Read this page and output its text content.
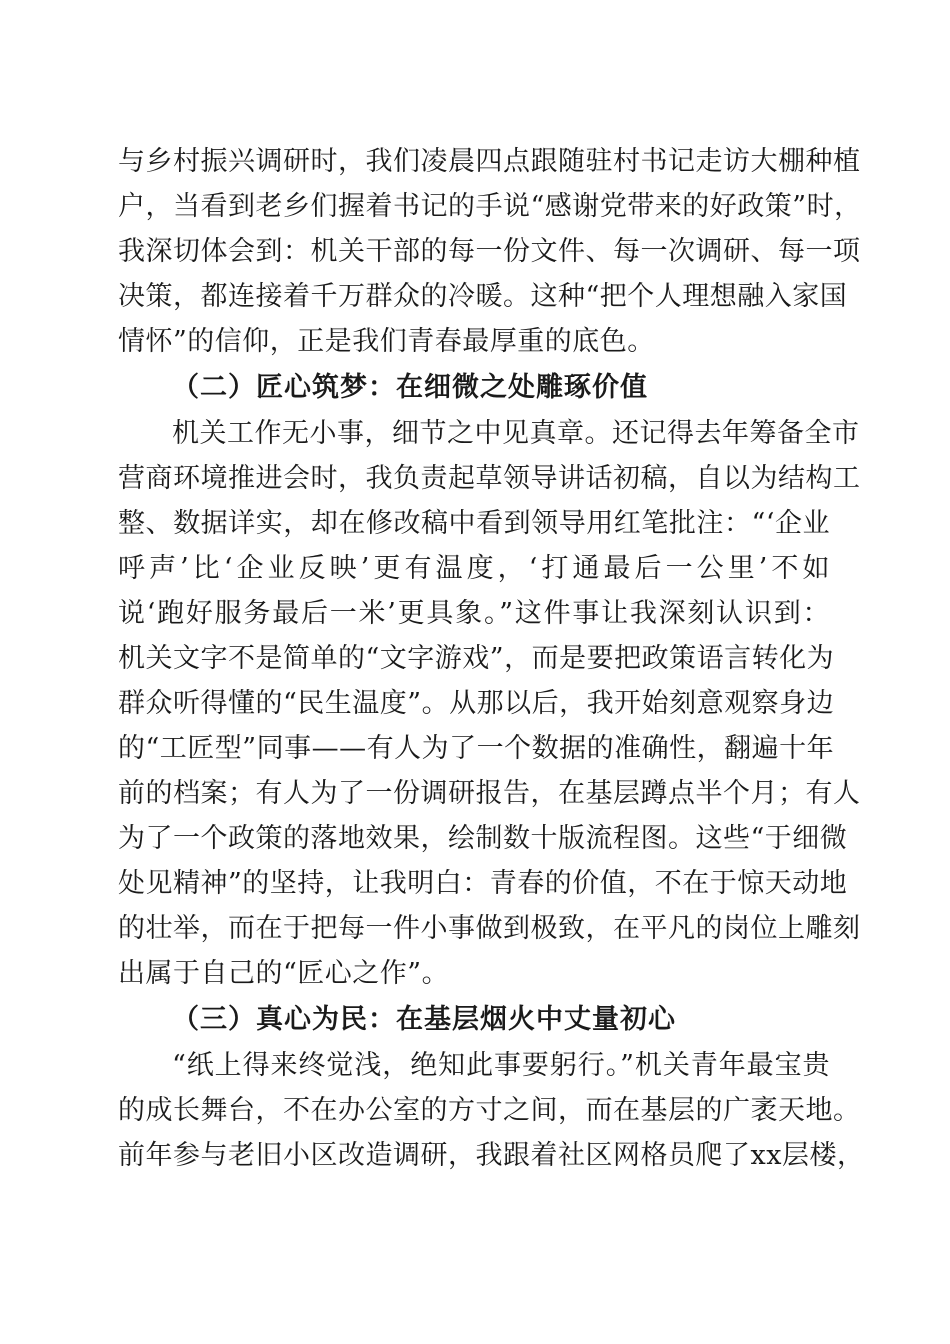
与乡村振兴调研时，我们凌晨四点跟随驻村书记走访大棚种植
户，当看到老乡们握着书记的手说“感谢党带来的好政策”时，
我深切体会到：机关干部的每一份文件、每一次调研、每一项
决策，都连接着千万群众的冷暖。这种“把个人理想融入家国
情怀”的信仰，正是我们青春最厚重的底色。
（二）匠心筑梦：在细微之处雕琢价值
机关工作无小事，细节之中见真章。还记得去年筹备全市
营商环境推进会时，我负责起草领导讲话初稿，自以为结构工
整、数据详实，却在修改稿中看到领导用红笔批注：“‘企业
呼声’比‘企业反映’更有温度，‘打通最后一公里’不如
说‘跑好服务最后一米’更具象。”这件事让我深刻认识到：
机关文字不是简单的“文字游戏”，而是要把政策语言转化为
群众听得懂的“民生温度”。从那以后，我开始刻意观察身边
的“工匠型”同事——有人为了一个数据的准确性，翻遍十年
前的档案；有人为了一份调研报告，在基层蹲点半个月；有人
为了一个政策的落地效果，绘制数十版流程图。这些“于细微
处见精神”的坚持，让我明白：青春的价值，不在于惊天动地
的壮举，而在于把每一件小事做到极致，在平凡的岗位上雕刻
出属于自己的“匠心之作”。
（三）真心为民：在基层烟火中丈量初心
“纸上得来终觉浅，绝知此事要躬行。”机关青年最宝贵
的成长舞台，不在办公室的方寸之间，而在基层的广袤天地。
前年参与老旧小区改造调研，我跟着社区网格员爬了xx层楼，
